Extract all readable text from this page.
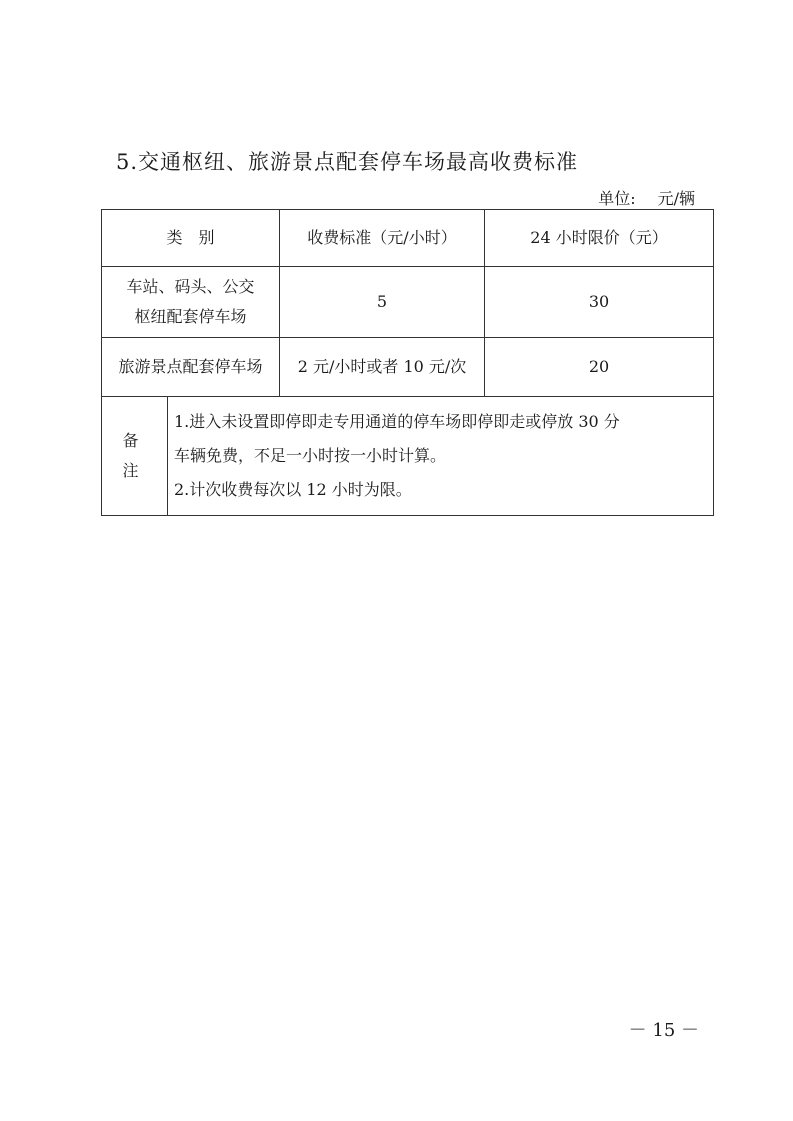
5.交通枢纽、旅游景点配套停车场最高收费标准
单位: 元/辆
类　别	收费标准（元/小时）	24 小时限价（元）

车站、码头、公交
枢纽配套停车场	5	30
旅游景点配套停车场	2 元/小时或者 10 元/次	20

备注
1.进入未设置即停即走专用通道的停车场即停即走或停放 30 分
车辆免费，不足一小时按一小时计算。
2.计次收费每次以 12 小时为限。		
－ 15 －
